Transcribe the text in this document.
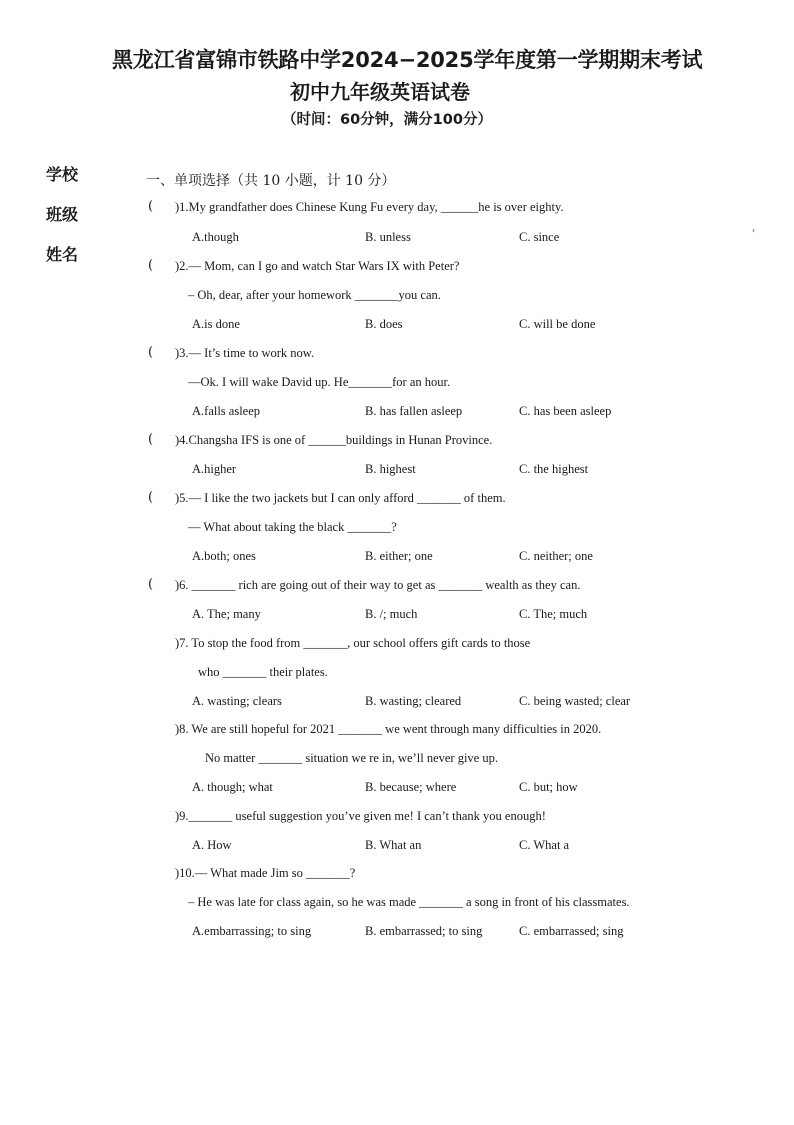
黑龙江省富锦市铁路中学2024−2025学年度第一学期期末考试
初中九年级英语试卷
（时间：60分钟，满分100分）
学校
班级
姓名
一、单项选择（共 10 小题，计 10 分）
‹
( )1.My grandfather does Chinese Kung Fu every day, ______he is over eighty.
A.though	B. unless	C. since
( )2.— Mom, can I go and watch Star Wars IX with Peter?
– Oh, dear, after your homework _______you can.
A.is done	B. does	C. will be done
( )3.— It’s time to work now.
—Ok. I will wake David up. He_______for an hour.
A.falls asleep	B. has fallen asleep	C. has been asleep
( )4.Changsha IFS is one of ______buildings in Hunan Province.
A.higher	B. highest	C. the highest
( )5.— I like the two jackets but I can only afford _______ of them.
— What about taking the black _______?
A.both; ones	B. either; one	C. neither; one
( )6. _______ rich are going out of their way to get as _______ wealth as they can.
A. The; many	B. /; much	C. The; much
)7. To stop the food from _______, our school offers gift cards to those
who _______ their plates.
A. wasting; clears	B. wasting; cleared	C. being wasted; clear
)8. We are still hopeful for 2021 _______ we went through many difficulties in 2020.
No matter _______ situation we re in, we’ll never give up.
A. though; what	B. because; where	C. but; how
)9._______ useful suggestion you’ve given me! I can’t thank you enough!
A. How	B. What an	C. What a
)10.— What made Jim so _______?
– He was late for class again, so he was made _______ a song in front of his classmates.
A.embarrassing; to sing	B. embarrassed; to sing	C. embarrassed; sing
